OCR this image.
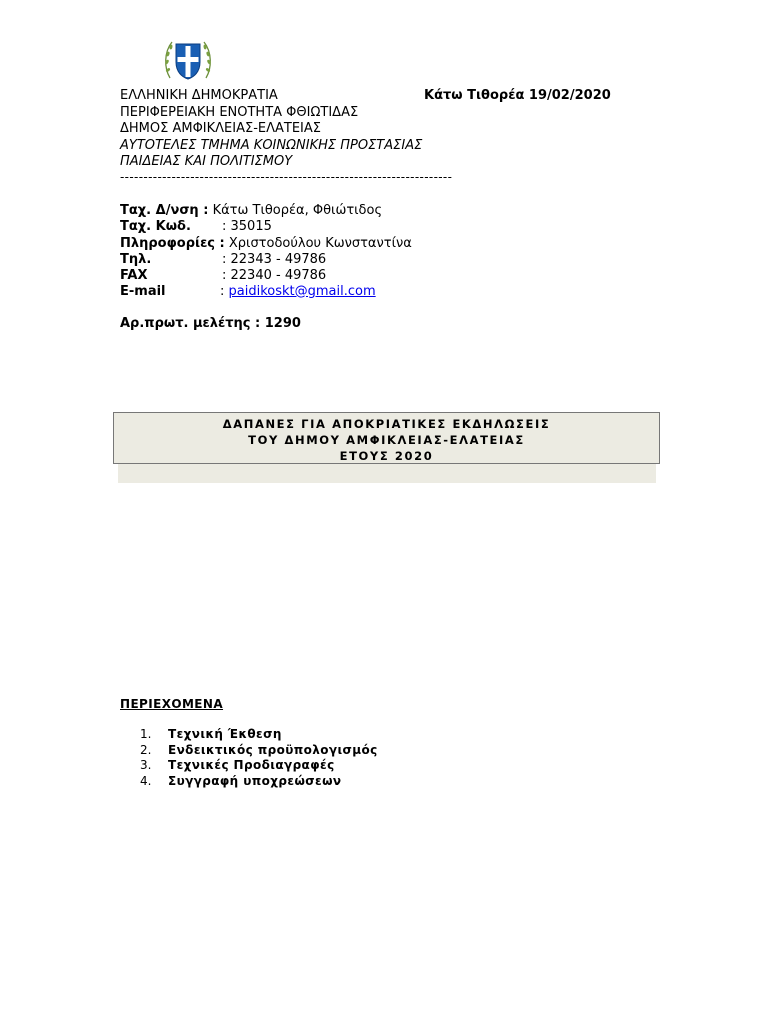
ΕΛΛΗΝΙΚΗ ΔΗΜΟΚΡΑΤΙΑ
ΠΕΡΙΦΕΡΕΙΑΚΗ ΕΝΟΤΗΤΑ ΦΘΙΩΤΙΔΑΣ
ΔΗΜΟΣ ΑΜΦΙΚΛΕΙΑΣ-ΕΛΑΤΕΙΑΣ
ΑΥΤΟΤΕΛΕΣ ΤΜΗΜΑ ΚΟΙΝΩΝΙΚΗΣ ΠΡΟΣΤΑΣΙΑΣ
ΠΑΙΔΕΙΑΣ ΚΑΙ ΠΟΛΙΤΙΣΜΟΥ
Κάτω Τιθορέα 19/02/2020
-----------------------------------------------------------------------
Ταχ. Δ/νση : Κάτω Τιθορέα, Φθιώτιδος
Ταχ. Κωδ. : 35015
Πληροφορίες : Χριστοδούλου Κωνσταντίνα
Τηλ.	: 22343 - 49786
FAX	: 22340 - 49786
E-mail	: paidikoskt@gmail.com
Αρ.πρωτ. μελέτης : 1290
ΔΑΠΑΝΕΣ ΓΙΑ ΑΠΟΚΡΙΑΤΙΚΕΣ ΕΚΔΗΛΩΣΕΙΣ
ΤΟΥ ΔΗΜΟΥ ΑΜΦΙΚΛΕΙΑΣ-ΕΛΑΤΕΙΑΣ
ΕΤΟΥΣ 2020
ΠΕΡΙΕΧΟΜΕΝΑ
1. Τεχνική Έκθεση
2. Ενδεικτικός προϋπολογισμός
3. Τεχνικές Προδιαγραφές
4. Συγγραφή υποχρεώσεων
